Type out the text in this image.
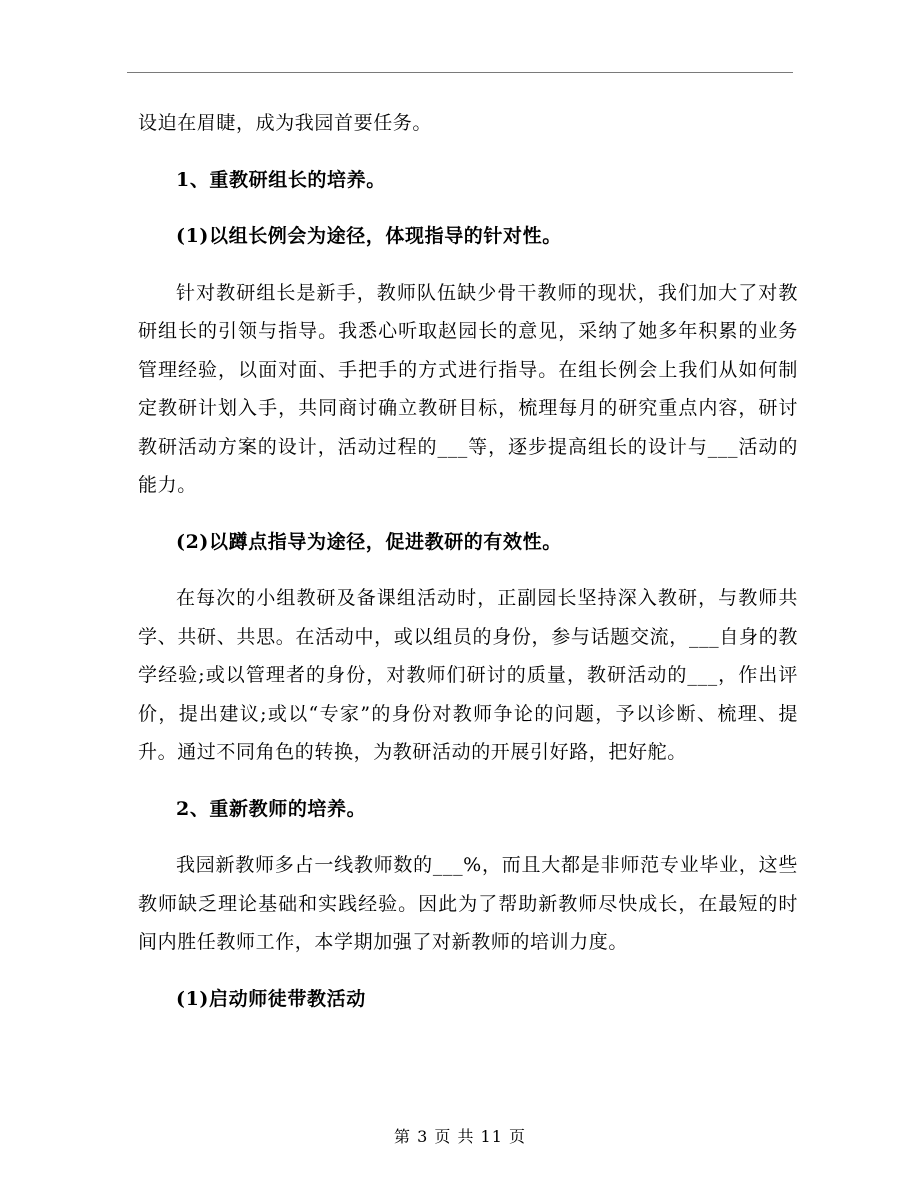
设迫在眉睫，成为我园首要任务。

1、重教研组长的培养。

(1)以组长例会为途径，体现指导的针对性。

针对教研组长是新手，教师队伍缺少骨干教师的现状，我们加大了对教研组长的引领与指导。我悉心听取赵园长的意见，采纳了她多年积累的业务管理经验，以面对面、手把手的方式进行指导。在组长例会上我们从如何制定教研计划入手，共同商讨确立教研目标，梳理每月的研究重点内容，研讨教研活动方案的设计，活动过程的___等，逐步提高组长的设计与___活动的能力。

(2)以蹲点指导为途径，促进教研的有效性。

在每次的小组教研及备课组活动时，正副园长坚持深入教研，与教师共学、共研、共思。在活动中，或以组员的身份，参与话题交流，___自身的教学经验;或以管理者的身份，对教师们研讨的质量，教研活动的___，作出评价，提出建议;或以“专家”的身份对教师争论的问题，予以诊断、梳理、提升。通过不同角色的转换，为教研活动的开展引好路，把好舵。

2、重新教师的培养。

我园新教师多占一线教师数的___%，而且大都是非师范专业毕业，这些教师缺乏理论基础和实践经验。因此为了帮助新教师尽快成长，在最短的时间内胜任教师工作，本学期加强了对新教师的培训力度。

(1)启动师徒带教活动

第 3 页 共 11 页
